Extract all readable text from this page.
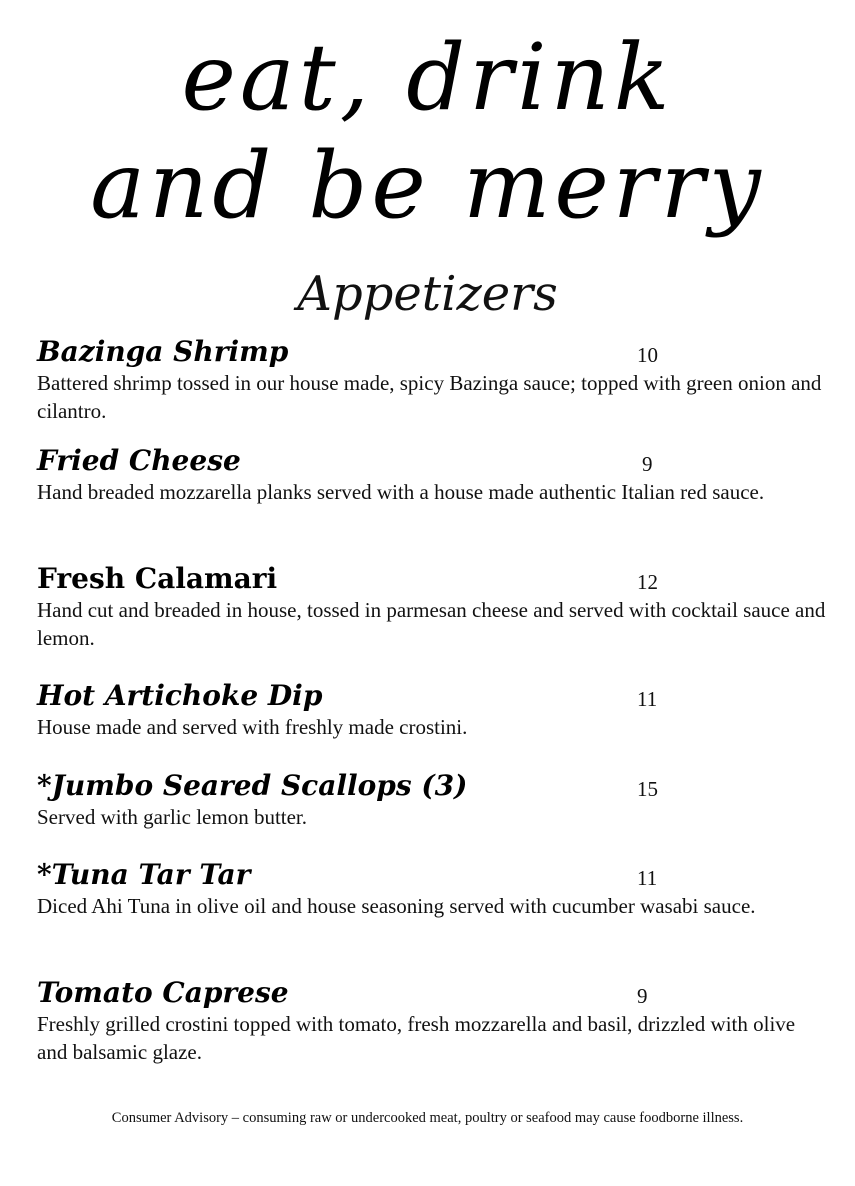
eat, drink
and be merry
Appetizers
Bazinga Shrimp	10
Battered shrimp tossed in our house made, spicy Bazinga sauce; topped with green onion and cilantro.
Fried Cheese	9
Hand breaded mozzarella planks served with a house made authentic Italian red sauce.
Fresh Calamari	12
Hand cut and breaded in house, tossed in parmesan cheese and served with cocktail sauce and lemon.
Hot Artichoke Dip	11
House made and served with freshly made crostini.
*Jumbo Seared Scallops (3)	15
Served with garlic lemon butter.
*Tuna Tar Tar	11
Diced Ahi Tuna in olive oil and house seasoning served with cucumber wasabi sauce.
Tomato Caprese	9
Freshly grilled crostini topped with tomato, fresh mozzarella and basil, drizzled with olive and balsamic glaze.
Consumer Advisory – consuming raw or undercooked meat, poultry or seafood may cause foodborne illness.
